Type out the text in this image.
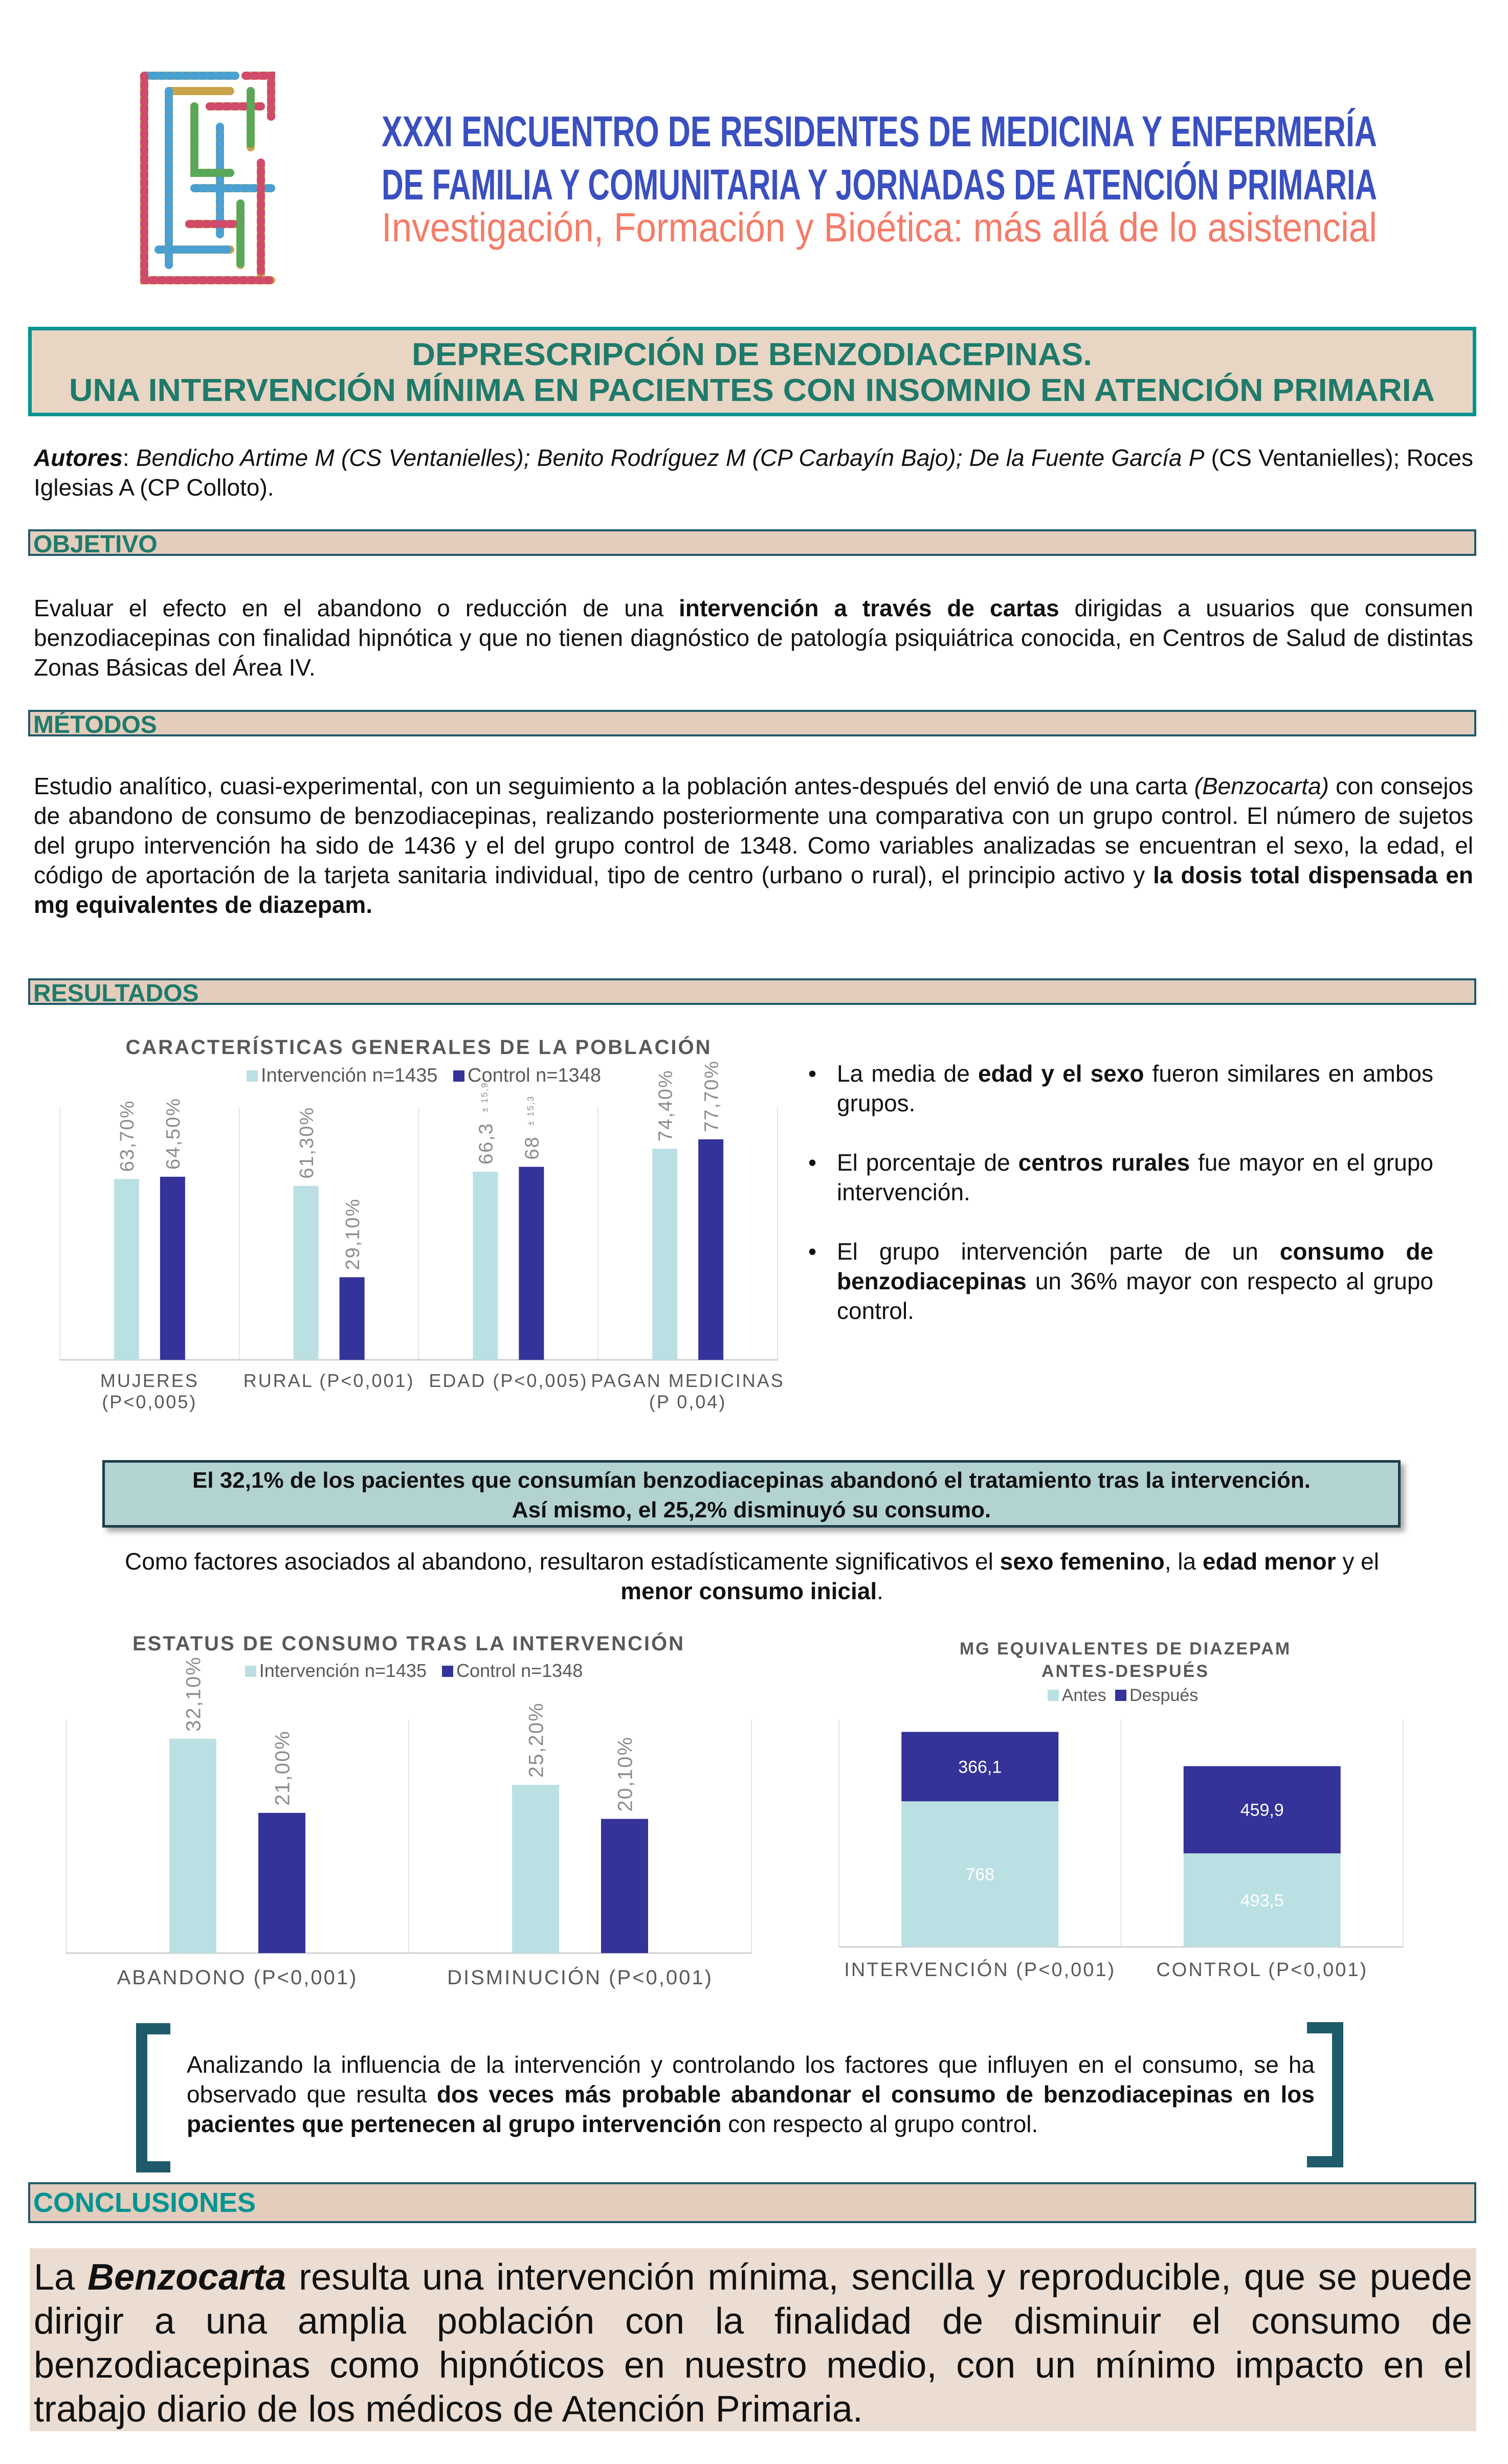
XXXI ENCUENTRO DE RESIDENTES DE MEDICINA Y ENFERMERÍA
DE FAMILIA Y COMUNITARIA Y JORNADAS DE ATENCIÓN PRIMARIA
Investigación, Formación y Bioética: más allá de lo asistencial
DEPRESCRIPCIÓN DE BENZODIACEPINAS.
UNA INTERVENCIÓN MÍNIMA EN PACIENTES CON INSOMNIO EN ATENCIÓN PRIMARIA
Autores: Bendicho Artime M (CS Ventanielles); Benito Rodríguez M (CP Carbayín Bajo); De la Fuente García P (CS Ventanielles); Roces Iglesias A (CP Colloto).
OBJETIVO
Evaluar el efecto en el abandono o reducción de una intervención a través de cartas dirigidas a usuarios que consumen benzodiacepinas con finalidad hipnótica y que no tienen diagnóstico de patología psiquiátrica conocida, en Centros de Salud de distintas Zonas Básicas del Área IV.
MÉTODOS
Estudio analítico, cuasi-experimental, con un seguimiento a la población antes-después del envió de una carta (Benzocarta) con consejos de abandono de consumo de benzodiacepinas, realizando posteriormente una comparativa con un grupo control. El número de sujetos del grupo intervención ha sido de 1436 y el del grupo control de 1348. Como variables analizadas se encuentran el sexo, la edad, el código de aportación de la tarjeta sanitaria individual, tipo de centro (urbano o rural), el principio activo y la dosis total dispensada en mg equivalentes de diazepam.
RESULTADOS
CARACTERÍSTICAS GENERALES DE LA POBLACIÓN
Intervención n=1435 Control n=1348
63,70% 64,50%	61,30%
29,10%
$66,3^{\pm 15,9}$
$68^{\pm 15,3}$	74,40% 77,70%
MUJERES (P<0,005)
RURAL (P<0,001) EDAD (P<0,005) PAGAN MEDICINAS (P 0,04)
• La media de edad y el sexo fueron similares en ambos grupos.
• El porcentaje de centros rurales fue mayor en el grupo intervención.
• El grupo intervención parte de un consumo de benzodiacepinas un 36% mayor con respecto al grupo control.
El 32,1% de los pacientes que consumían benzodiacepinas abandonó el tratamiento tras la intervención.
Así mismo, el 25,2% disminuyó su consumo.
Como factores asociados al abandono, resultaron estadísticamente significativos el sexo femenino, la edad menor y el menor consumo inicial.
ESTATUS DE CONSUMO TRAS LA INTERVENCIÓN
Intervención n=1435 Control n=1348
32,10%
21,00%	25,20%	20,10%
ABANDONO (P<0,001)	DISMINUCIÓN (P<0,001)
MG EQUIVALENTES DE DIAZEPAM ANTES-DESPUÉS
Antes Después
768
366,1
493,5
459,9
INTERVENCIÓN (P<0,001) CONTROL (P<0,001)
Analizando la influencia de la intervención y controlando los factores que influyen en el consumo, se ha observado que resulta dos veces más probable abandonar el consumo de benzodiacepinas en los pacientes que pertenecen al grupo intervención con respecto al grupo control.
CONCLUSIONES
La Benzocarta resulta una intervención mínima, sencilla y reproducible, que se puede dirigir a una amplia población con la finalidad de disminuir el consumo de benzodiacepinas como hipnóticos en nuestro medio, con un mínimo impacto en el trabajo diario de los médicos de Atención Primaria.
